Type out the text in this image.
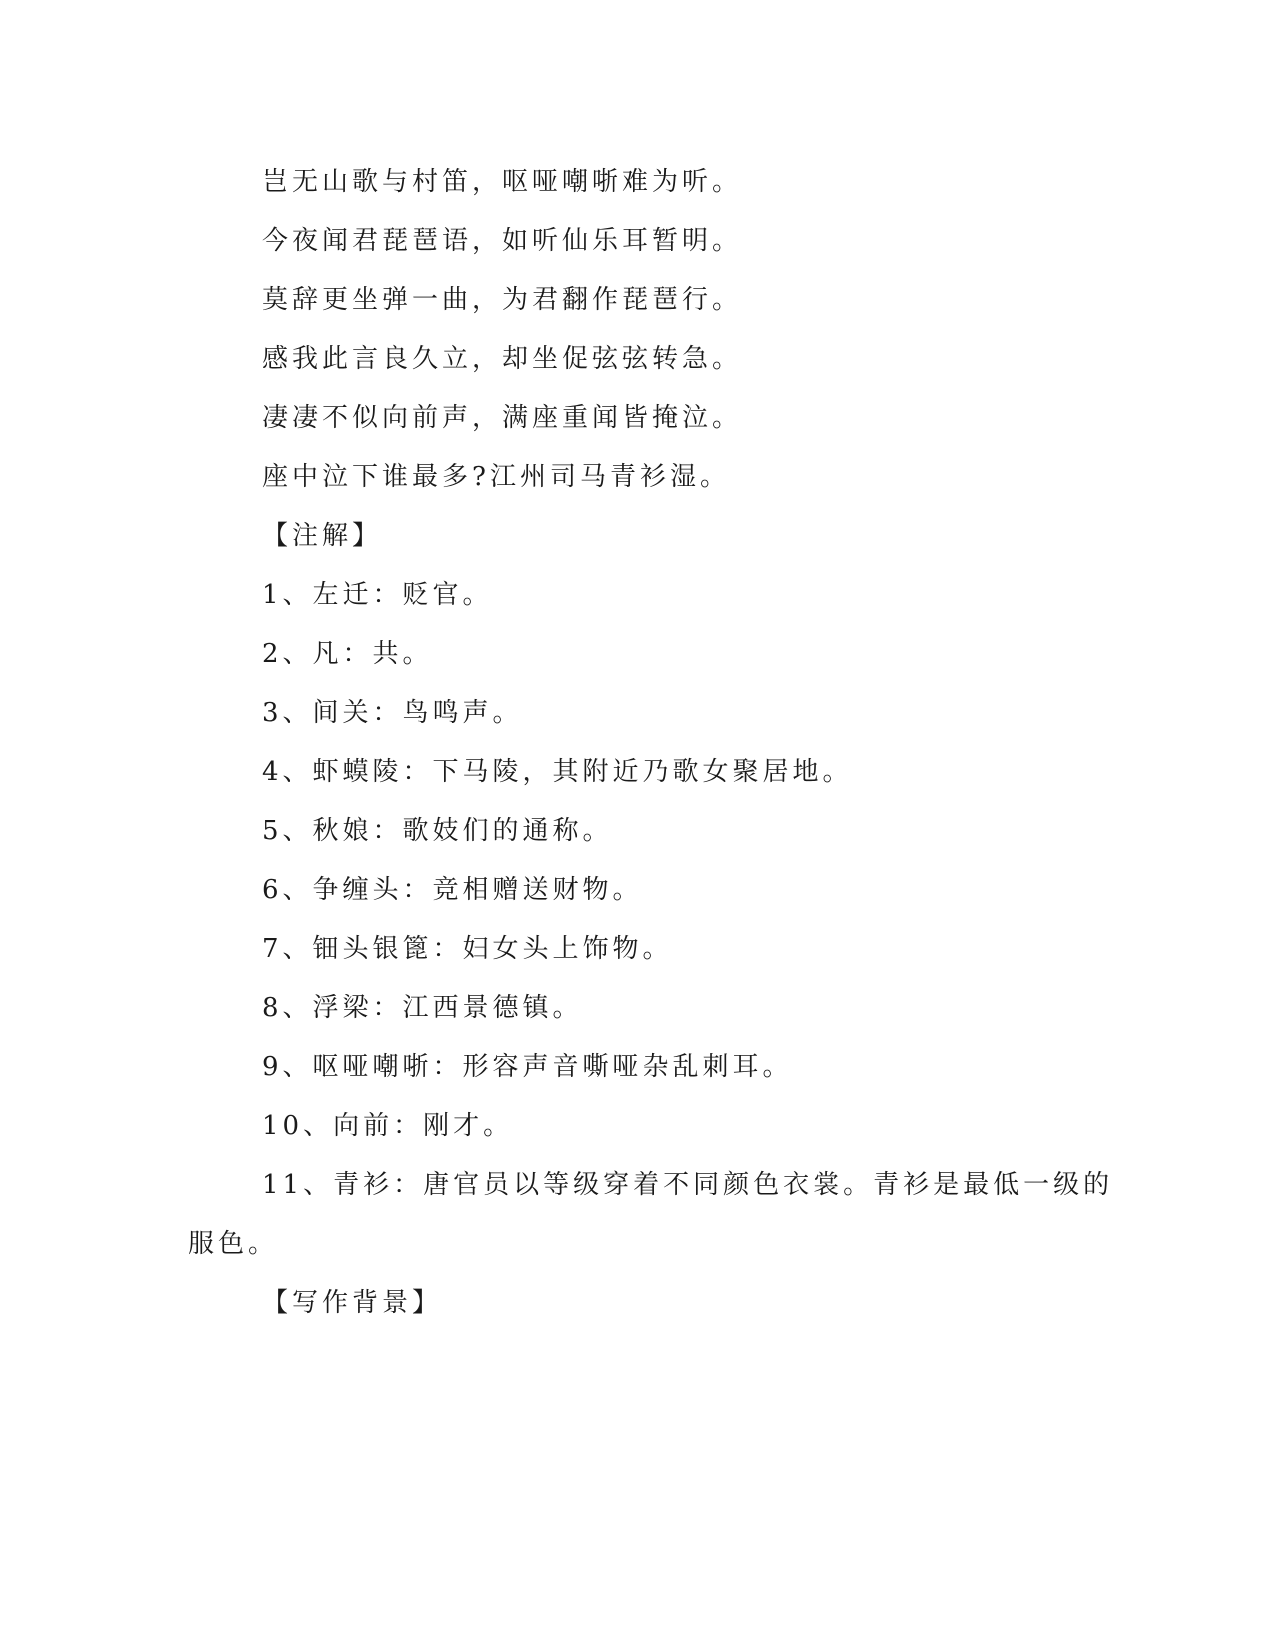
岂无山歌与村笛，呕哑嘲哳难为听。
今夜闻君琵琶语，如听仙乐耳暂明。
莫辞更坐弹一曲，为君翻作琵琶行。
感我此言良久立，却坐促弦弦转急。
凄凄不似向前声，满座重闻皆掩泣。
座中泣下谁最多?江州司马青衫湿。
【注解】
1、左迁：贬官。
2、凡：共。
3、间关：鸟鸣声。
4、虾蟆陵：下马陵，其附近乃歌女聚居地。
5、秋娘：歌妓们的通称。
6、争缠头：竞相赠送财物。
7、钿头银篦：妇女头上饰物。
8、浮梁：江西景德镇。
9、呕哑嘲哳：形容声音嘶哑杂乱刺耳。
10、向前：刚才。
11、青衫：唐官员以等级穿着不同颜色衣裳。青衫是最低一级的
服色。
【写作背景】
